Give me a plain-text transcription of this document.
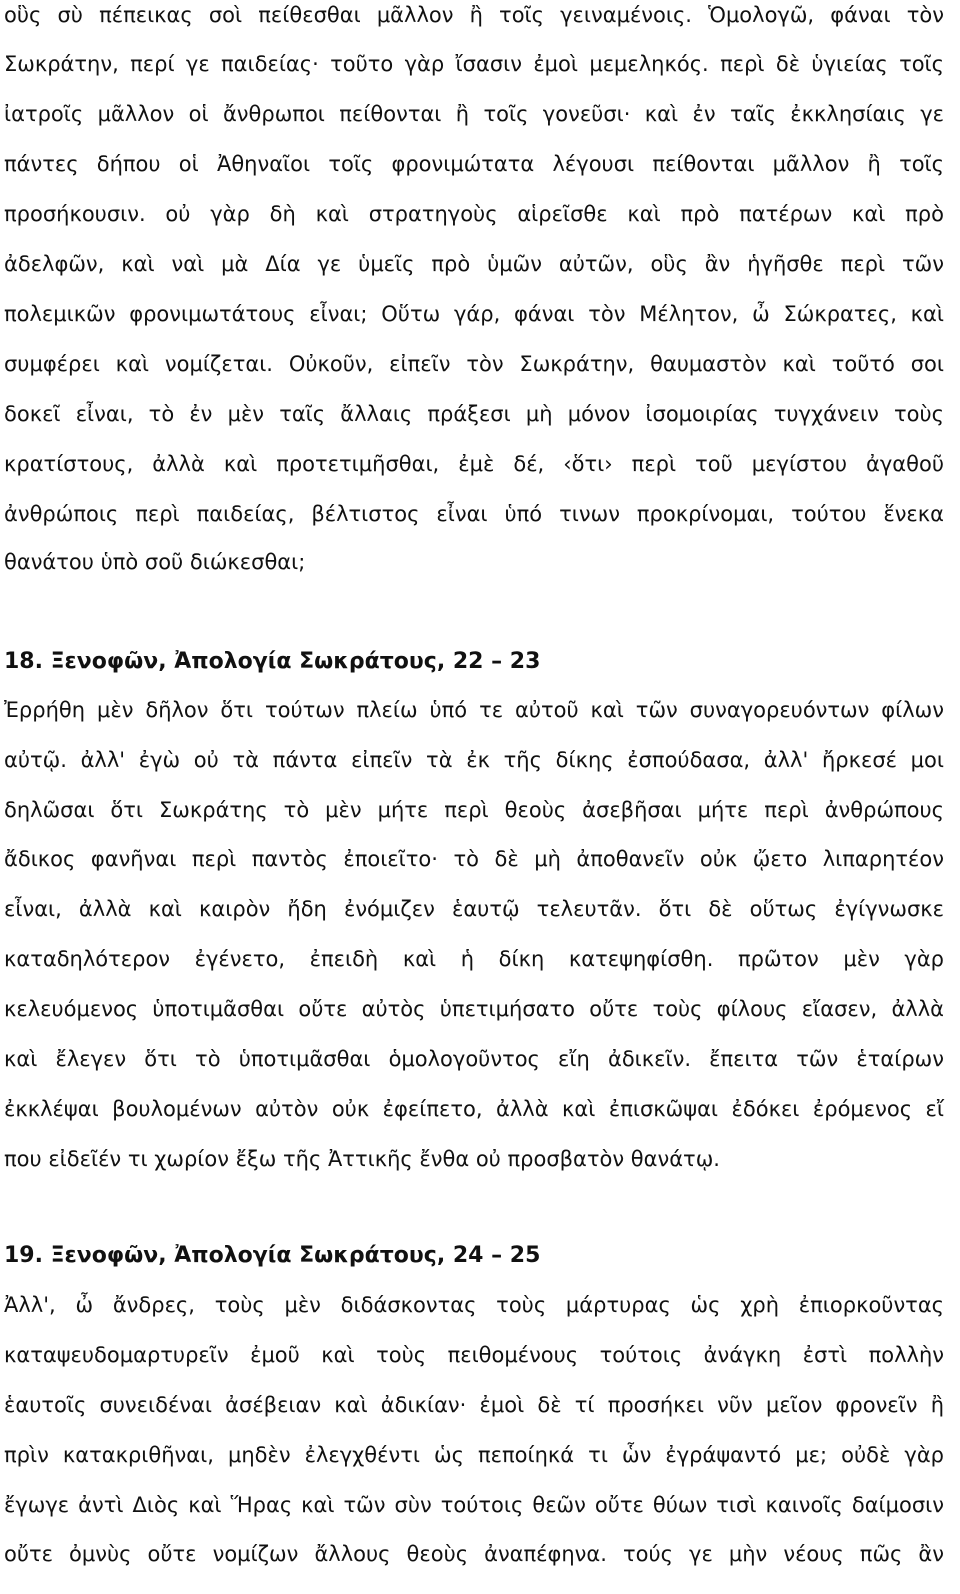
οὓς σὺ πέπεικας σοὶ πείθεσθαι μᾶλλον ἢ τοῖς γειναμένοις. Ὁμολογῶ, φάναι τὸν
Σωκράτην, περί γε παιδείας· τοῦτο γὰρ ἴσασιν ἐμοὶ μεμεληκός. περὶ δὲ ὑγιείας τοῖς
ἰατροῖς μᾶλλον οἱ ἄνθρωποι πείθονται ἢ τοῖς γονεῦσι· καὶ ἐν ταῖς ἐκκλησίαις γε
πάντες δήπου οἱ Ἀθηναῖοι τοῖς φρονιμώτατα λέγουσι πείθονται μᾶλλον ἢ τοῖς
προσήκουσιν. οὐ γὰρ δὴ καὶ στρατηγοὺς αἱρεῖσθε καὶ πρὸ πατέρων καὶ πρὸ
ἀδελφῶν, καὶ ναὶ μὰ Δία γε ὑμεῖς πρὸ ὑμῶν αὐτῶν, οὓς ἂν ἡγῆσθε περὶ τῶν
πολεμικῶν φρονιμωτάτους εἶναι; Οὕτω γάρ, φάναι τὸν Μέλητον, ὦ Σώκρατες, καὶ
συμφέρει καὶ νομίζεται. Οὐκοῦν, εἰπεῖν τὸν Σωκράτην, θαυμαστὸν καὶ τοῦτό σοι
δοκεῖ εἶναι, τὸ ἐν μὲν ταῖς ἄλλαις πράξεσι μὴ μόνον ἰσομοιρίας τυγχάνειν τοὺς
κρατίστους, ἀλλὰ καὶ προτετιμῆσθαι, ἐμὲ δέ, ‹ὅτι› περὶ τοῦ μεγίστου ἀγαθοῦ
ἀνθρώποις περὶ παιδείας, βέλτιστος εἶναι ὑπό τινων προκρίνομαι, τούτου ἕνεκα
θανάτου ὑπὸ σοῦ διώκεσθαι;
18. Ξενοφῶν, Ἀπολογία Σωκράτους, 22 – 23
Ἐρρήθη μὲν δῆλον ὅτι τούτων πλείω ὑπό τε αὐτοῦ καὶ τῶν συναγορευόντων φίλων
αὐτῷ. ἀλλ' ἐγὼ οὐ τὰ πάντα εἰπεῖν τὰ ἐκ τῆς δίκης ἐσπούδασα, ἀλλ' ἤρκεσέ μοι
δηλῶσαι ὅτι Σωκράτης τὸ μὲν μήτε περὶ θεοὺς ἀσεβῆσαι μήτε περὶ ἀνθρώπους
ἄδικος φανῆναι περὶ παντὸς ἐποιεῖτο· τὸ δὲ μὴ ἀποθανεῖν οὐκ ᾤετο λιπαρητέον
εἶναι, ἀλλὰ καὶ καιρὸν ἤδη ἐνόμιζεν ἑαυτῷ τελευτᾶν. ὅτι δὲ οὕτως ἐγίγνωσκε
καταδηλότερον ἐγένετο, ἐπειδὴ καὶ ἡ δίκη κατεψηφίσθη. πρῶτον μὲν γὰρ
κελευόμενος ὑποτιμᾶσθαι οὔτε αὐτὸς ὑπετιμήσατο οὔτε τοὺς φίλους εἴασεν, ἀλλὰ
καὶ ἔλεγεν ὅτι τὸ ὑποτιμᾶσθαι ὁμολογοῦντος εἴη ἀδικεῖν. ἔπειτα τῶν ἑταίρων
ἐκκλέψαι βουλομένων αὐτὸν οὐκ ἐφείπετο, ἀλλὰ καὶ ἐπισκῶψαι ἐδόκει ἐρόμενος εἴ
που εἰδεῖέν τι χωρίον ἔξω τῆς Ἀττικῆς ἔνθα οὐ προσβατὸν θανάτῳ.
19. Ξενοφῶν, Ἀπολογία Σωκράτους, 24 – 25
Ἀλλ', ὦ ἄνδρες, τοὺς μὲν διδάσκοντας τοὺς μάρτυρας ὡς χρὴ ἐπιορκοῦντας
καταψευδομαρτυρεῖν ἐμοῦ καὶ τοὺς πειθομένους τούτοις ἀνάγκη ἐστὶ πολλὴν
ἑαυτοῖς συνειδέναι ἀσέβειαν καὶ ἀδικίαν· ἐμοὶ δὲ τί προσήκει νῦν μεῖον φρονεῖν ἢ
πρὶν κατακριθῆναι, μηδὲν ἐλεγχθέντι ὡς πεποίηκά τι ὧν ἐγράψαντό με; οὐδὲ γὰρ
ἔγωγε ἀντὶ Διὸς καὶ Ἥρας καὶ τῶν σὺν τούτοις θεῶν οὔτε θύων τισὶ καινοῖς δαίμοσιν
οὔτε ὀμνὺς οὔτε νομίζων ἄλλους θεοὺς ἀναπέφηνα. τούς γε μὴν νέους πῶς ἂν
